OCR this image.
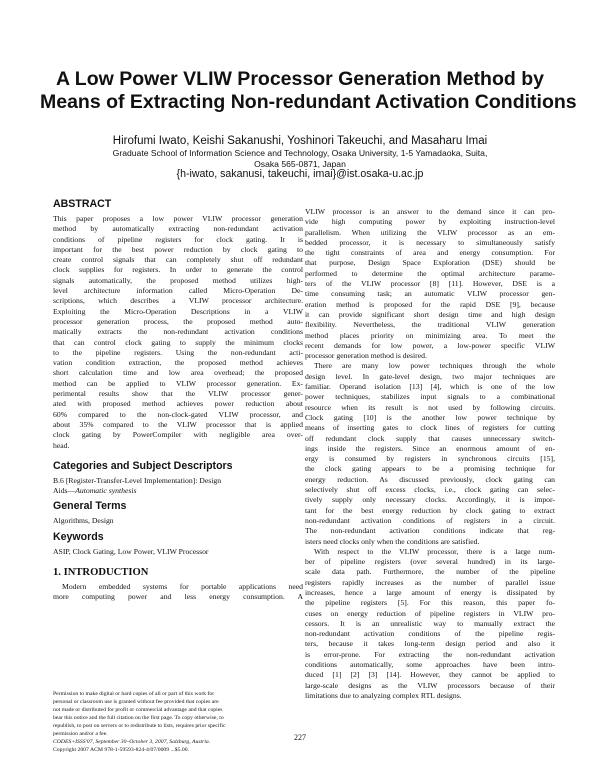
A Low Power VLIW Processor Generation Method by
Means of Extracting Non-redundant Activation Conditions
Hirofumi Iwato, Keishi Sakanushi, Yoshinori Takeuchi, and Masaharu Imai
Graduate School of Information Science and Technology, Osaka University, 1-5 Yamadaoka, Suita,
Osaka 565-0871, Japan
{h-iwato, sakanusi, takeuchi, imai}@ist.osaka-u.ac.jp
ABSTRACT
This paper proposes a low power VLIW processor generation
method by automatically extracting non-redundant activation
conditions of pipeline registers for clock gating. It is
important for the best power reduction by clock gating to
create control signals that can completely shut off redundant
clock supplies for registers. In order to generate the control
signals automatically, the proposed method utilizes high-
level architecture information called Micro-Operation De-
scriptions, which describes a VLIW processor architecture.
Exploiting the Micro-Operation Descriptions in a VLIW
processor generation process, the proposed method auto-
matically extracts the non-redundant activation conditions
that can control clock gating to supply the minimum clocks
to the pipeline registers. Using the non-redundant acti-
vation condition extraction, the proposed method achieves
short calculation time and low area overhead; the proposed
method can be applied to VLIW processor generation. Ex-
perimental results show that the VLIW processor gener-
ated with proposed method achieves power reduction about
60% compared to the non-clock-gated VLIW processor, and
about 35% compared to the VLIW processor that is applied
clock gating by PowerCompiler with negligible area over-
head.
Categories and Subject Descriptors
B.6 [Register-Transfer-Level Implementation]: Design
Aids—Automatic synthesis
General Terms
Algorithms, Design
Keywords
ASIP, Clock Gating, Low Power, VLIW Processor
1. INTRODUCTION
Modern embedded systems for portable applications need
more computing power and less energy consumption. A
Permission to make digital or hard copies of all or part of this work for
personal or classroom use is granted without fee provided that copies are
not made or distributed for profit or commercial advantage and that copies
bear this notice and the full citation on the first page. To copy otherwise, to
republish, to post on servers or to redistribute to lists, requires prior specific
permission and/or a fee.
CODES+ISSS'07, September 30–October 3, 2007, Salzburg, Austria.
Copyright 2007 ACM 978-1-59593-824-4/07/0009 ...$5.00.
VLIW processor is an answer to the demand since it can pro-
vide high computing power by exploiting instruction-level
parallelism. When utilizing the VLIW processor as an em-
bedded processor, it is necessary to simultaneously satisfy
the tight constraints of area and energy consumption. For
that purpose, Design Space Exploration (DSE) should be
performed to determine the optimal architecture parame-
ters of the VLIW processor [8] [11]. However, DSE is a
time consuming task; an automatic VLIW processor gen-
eration method is proposed for the rapid DSE [9], because
it can provide significant short design time and high design
flexibility. Nevertheless, the traditional VLIW generation
method places priority on minimizing area. To meet the
recent demands for low power, a low-power specific VLIW
processor generation method is desired.
There are many low power techniques through the whole
design level. In gate-level design, two major techniques are
familiar. Operand isolation [13] [4], which is one of the low
power techniques, stabilizes input signals to a combinational
resource when its result is not used by following circuits.
Clock gating [10] is the another low power technique by
means of inserting gates to clock lines of registers for cutting
off redundant clock supply that causes unnecessary switch-
ings inside the registers. Since an enormous amount of en-
ergy is consumed by registers in synchronous circuits [15],
the clock gating appears to be a promising technique for
energy reduction. As discussed previously, clock gating can
selectively shut off excess clocks, i.e., clock gating can selec-
tively supply only necessary clocks. Accordingly, it is impor-
tant for the best energy reduction by clock gating to extract
non-redundant activation conditions of registers in a circuit.
The non-redundant activation conditions indicate that reg-
isters need clocks only when the conditions are satisfied.
With respect to the VLIW processor, there is a large num-
ber of pipeline registers (over several hundred) in its large-
scale data path. Furthermore, the number of the pipeline
registers rapidly increases as the number of parallel issue
increases, hence a large amount of energy is dissipated by
the pipeline registers [5]. For this reason, this paper fo-
cuses on energy reduction of pipeline registers in VLIW pro-
cessors. It is an unrealistic way to manually extract the
non-redundant activation conditions of the pipeline regis-
ters, because it takes long-term design period and also it
is error-prone. For extracting the non-redundant activation
conditions automatically, some approaches have been intro-
duced [1] [2] [3] [14]. However, they cannot be applied to
large-scale designs as the VLIW processors because of their
limitations due to analyzing complex RTL designs.
227
